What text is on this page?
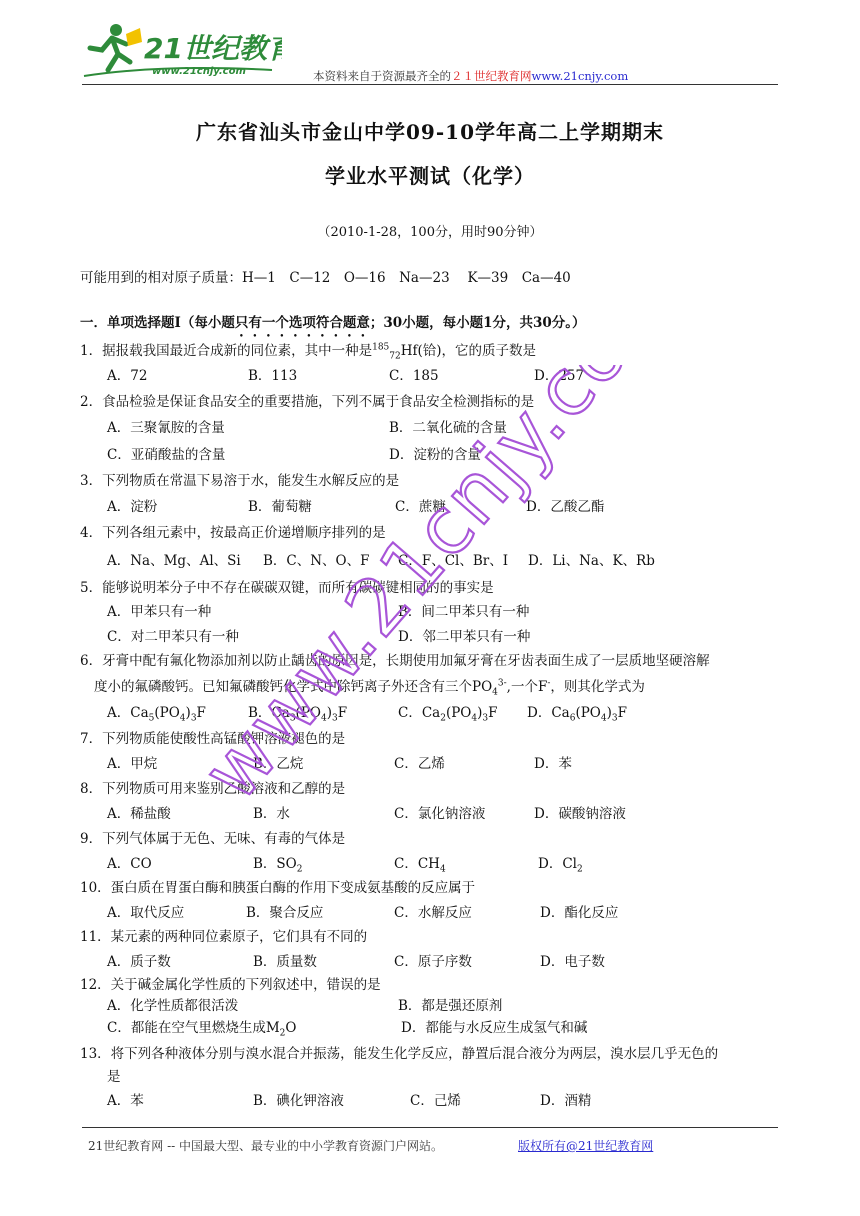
21世纪教育
www.21cnjy.com	本资料来自于资源最齐全的２１世纪教育网www.21cnjy.com
广东省汕头市金山中学09-10学年高二上学期期末
学业水平测试（化学）
（2010-1-28，100分，用时90分钟）
可能用到的相对原子质量：H—1　C—12　O—16　Na—23　 K—39　Ca—40
一．单项选择题Ⅰ（每小题只有一个选项符合题意；30小题，每小题1分，共30分。）
1．据报载我国最近合成新的同位素，其中一种是$^{185}_{72}$Hf(铪)，它的质子数是
A．72	B．113	C．185	D．257
2．食品检验是保证食品安全的重要措施，下列不属于食品安全检测指标的是
A．三聚氰胺的含量	B．二氧化硫的含量
C．亚硝酸盐的含量	D．淀粉的含量
3．下列物质在常温下易溶于水，能发生水解反应的是
A．淀粉	B．葡萄糖	C．蔗糖	D．乙酸乙酯
4．下列各组元素中，按最高正价递增顺序排列的是
A．Na、Mg、Al、Si B．C、N、O、F C．F、Cl、Br、I D．Li、Na、K、Rb
5．能够说明苯分子中不存在碳碳双键，而所有碳碳键相同的的事实是
A．甲苯只有一种	B．间二甲苯只有一种
C．对二甲苯只有一种	D．邻二甲苯只有一种
6．牙膏中配有氟化物添加剂以防止龋齿的原因是，长期使用加氟牙膏在牙齿表面生成了一层质地坚硬溶解
度小的氟磷酸钙。已知氟磷酸钙化学式中除钙离子外还含有三个$PO_4^{3-}$,一个F-，则其化学式为
A．$Ca_5(PO_4)_3F$	B．$Ca_3(PO_4)_3F$	C．$Ca_2(PO_4)_3F$ D．$Ca_6(PO_4)_3F$
7．下列物质能使酸性高锰酸钾溶液褪色的是
A．甲烷	B．乙烷	C．乙烯	D．苯
8．下列物质可用来鉴别乙酸溶液和乙醇的是
A．稀盐酸	B．水	C．氯化钠溶液	D．碳酸钠溶液
9．下列气体属于无色、无味、有毒的气体是
A．CO	B．$SO_2$	C．$CH_4$	D．$Cl_2$
10．蛋白质在胃蛋白酶和胰蛋白酶的作用下变成氨基酸的反应属于
A．取代反应	B．聚合反应	C．水解反应	D．酯化反应
11．某元素的两种同位素原子，它们具有不同的
A．质子数	B．质量数	C．原子序数	D．电子数
12．关于碱金属化学性质的下列叙述中，错误的是
A．化学性质都很活泼	B．都是强还原剂
C．都能在空气里燃烧生成$M_2O$	D．都能与水反应生成氢气和碱
13．将下列各种液体分别与溴水混合并振荡，能发生化学反应，静置后混合液分为两层，溴水层几乎无色的
是
A．苯	B．碘化钾溶液	C．己烯	D．酒精
www.21cnjy.com
21世纪教育网 -- 中国最大型、最专业的中小学教育资源门户网站。	版权所有@21世纪教育网
